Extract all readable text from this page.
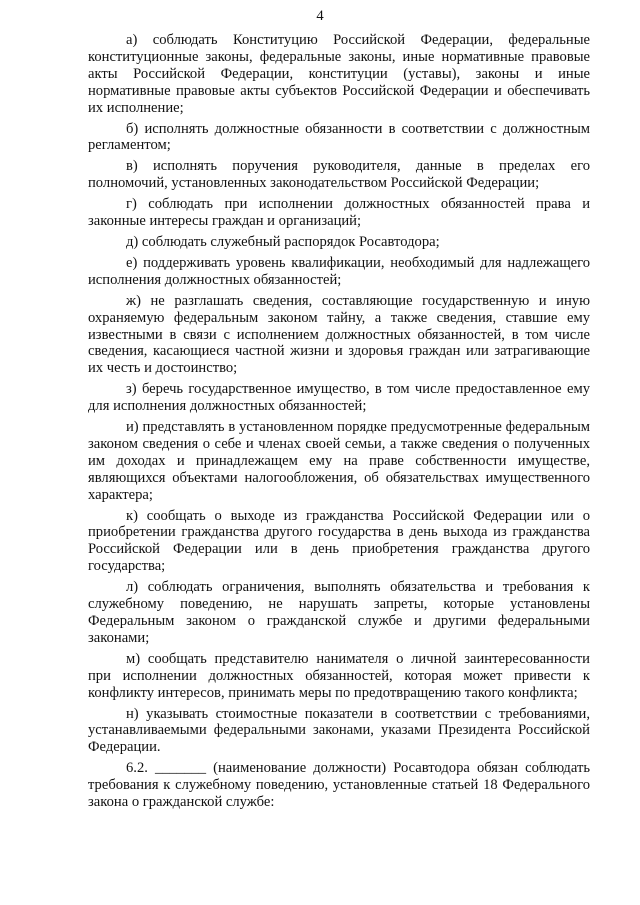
4

а) соблюдать Конституцию Российской Федерации, федеральные конституционные законы, федеральные законы, иные нормативные правовые акты Российской Федерации, конституции (уставы), законы и иные нормативные правовые акты субъектов Российской Федерации и обеспечивать их исполнение;

б) исполнять должностные обязанности в соответствии с должностным регламентом;

в) исполнять поручения руководителя, данные в пределах его полномочий, установленных законодательством Российской Федерации;

г) соблюдать при исполнении должностных обязанностей права и законные интересы граждан и организаций;

д) соблюдать служебный распорядок Росавтодора;

е) поддерживать уровень квалификации, необходимый для надлежащего исполнения должностных обязанностей;

ж) не разглашать сведения, составляющие государственную и иную охраняемую федеральным законом тайну, а также сведения, ставшие ему известными в связи с исполнением должностных обязанностей, в том числе сведения, касающиеся частной жизни и здоровья граждан или затрагивающие их честь и достоинство;

з) беречь государственное имущество, в том числе предоставленное ему для исполнения должностных обязанностей;

и) представлять в установленном порядке предусмотренные федеральным законом сведения о себе и членах своей семьи, а также сведения о полученных им доходах и принадлежащем ему на праве собственности имуществе, являющихся объектами налогообложения, об обязательствах имущественного характера;

к) сообщать о выходе из гражданства Российской Федерации или о приобретении гражданства другого государства в день выхода из гражданства Российской Федерации или в день приобретения гражданства другого государства;

л) соблюдать ограничения, выполнять обязательства и требования к служебному поведению, не нарушать запреты, которые установлены Федеральным законом о гражданской службе и другими федеральными законами;

м) сообщать представителю нанимателя о личной заинтересованности при исполнении должностных обязанностей, которая может привести к конфликту интересов, принимать меры по предотвращению такого конфликта;

н) указывать стоимостные показатели в соответствии с требованиями, устанавливаемыми федеральными законами, указами Президента Российской Федерации.

6.2. _______ (наименование должности) Росавтодора обязан соблюдать требования к служебному поведению, установленные статьей 18 Федерального закона о гражданской службе:
